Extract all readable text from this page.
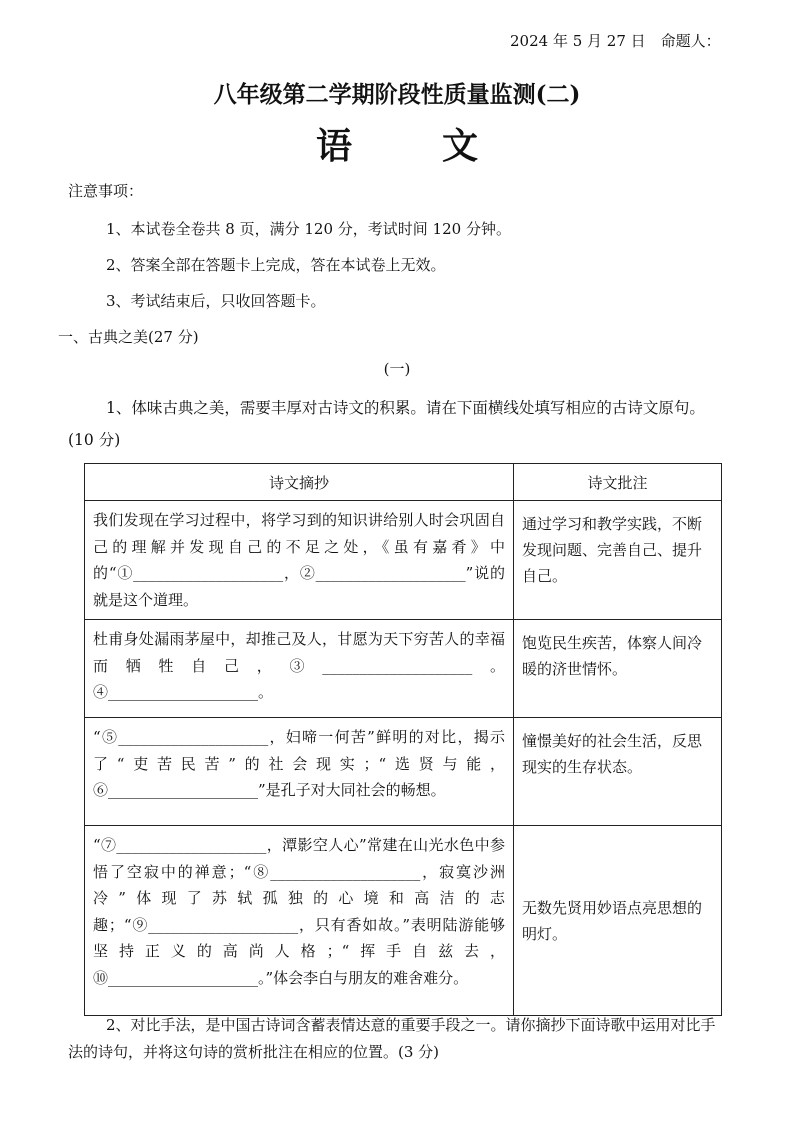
2024 年 5 月 27 日　命题人：
八年级第二学期阶段性质量监测(二)
语文
注意事项：
1、本试卷全卷共 8 页，满分 120 分，考试时间 120 分钟。
2、答案全部在答题卡上完成，答在本试卷上无效。
3、考试结束后，只收回答题卡。
一、古典之美(27 分)
(一)

1、体味古典之美，需要丰厚对古诗文的积累。请在下面横线处填写相应的古诗文原句。(10 分)

诗文摘抄	诗文批注
我们发现在学习过程中，将学习到的知识讲给别人时会巩固自己的理解并发现自己的不足之处，《虽有嘉肴》中的“①____________________，②____________________”说的就是这个道理。	通过学习和教学实践，不断发现问题、完善自己、提升自己。
杜甫身处漏雨茅屋中，却推己及人，甘愿为天下穷苦人的幸福而牺牲自己，③____________________。④____________________。	饱览民生疾苦，体察人间冷暖的济世情怀。
“⑤____________________，妇啼一何苦”鲜明的对比，揭示了“吏苦民苦”的社会现实；“选贤与能，⑥____________________”是孔子对大同社会的畅想。	憧憬美好的社会生活，反思现实的生存状态。
“⑦____________________，潭影空人心”常建在山光水色中参悟了空寂中的禅意；“⑧____________________，寂寞沙洲冷”体现了苏轼孤独的心境和高洁的志趣；“⑨____________________，只有香如故。”表明陆游能够坚持正义的高尚人格；“挥手自兹去，⑩____________________。”体会李白与朋友的难舍难分。	无数先贤用妙语点亮思想的明灯。

2、对比手法，是中国古诗词含蓄表情达意的重要手段之一。请你摘抄下面诗歌中运用对比手法的诗句，并将这句诗的赏析批注在相应的位置。(3 分)
